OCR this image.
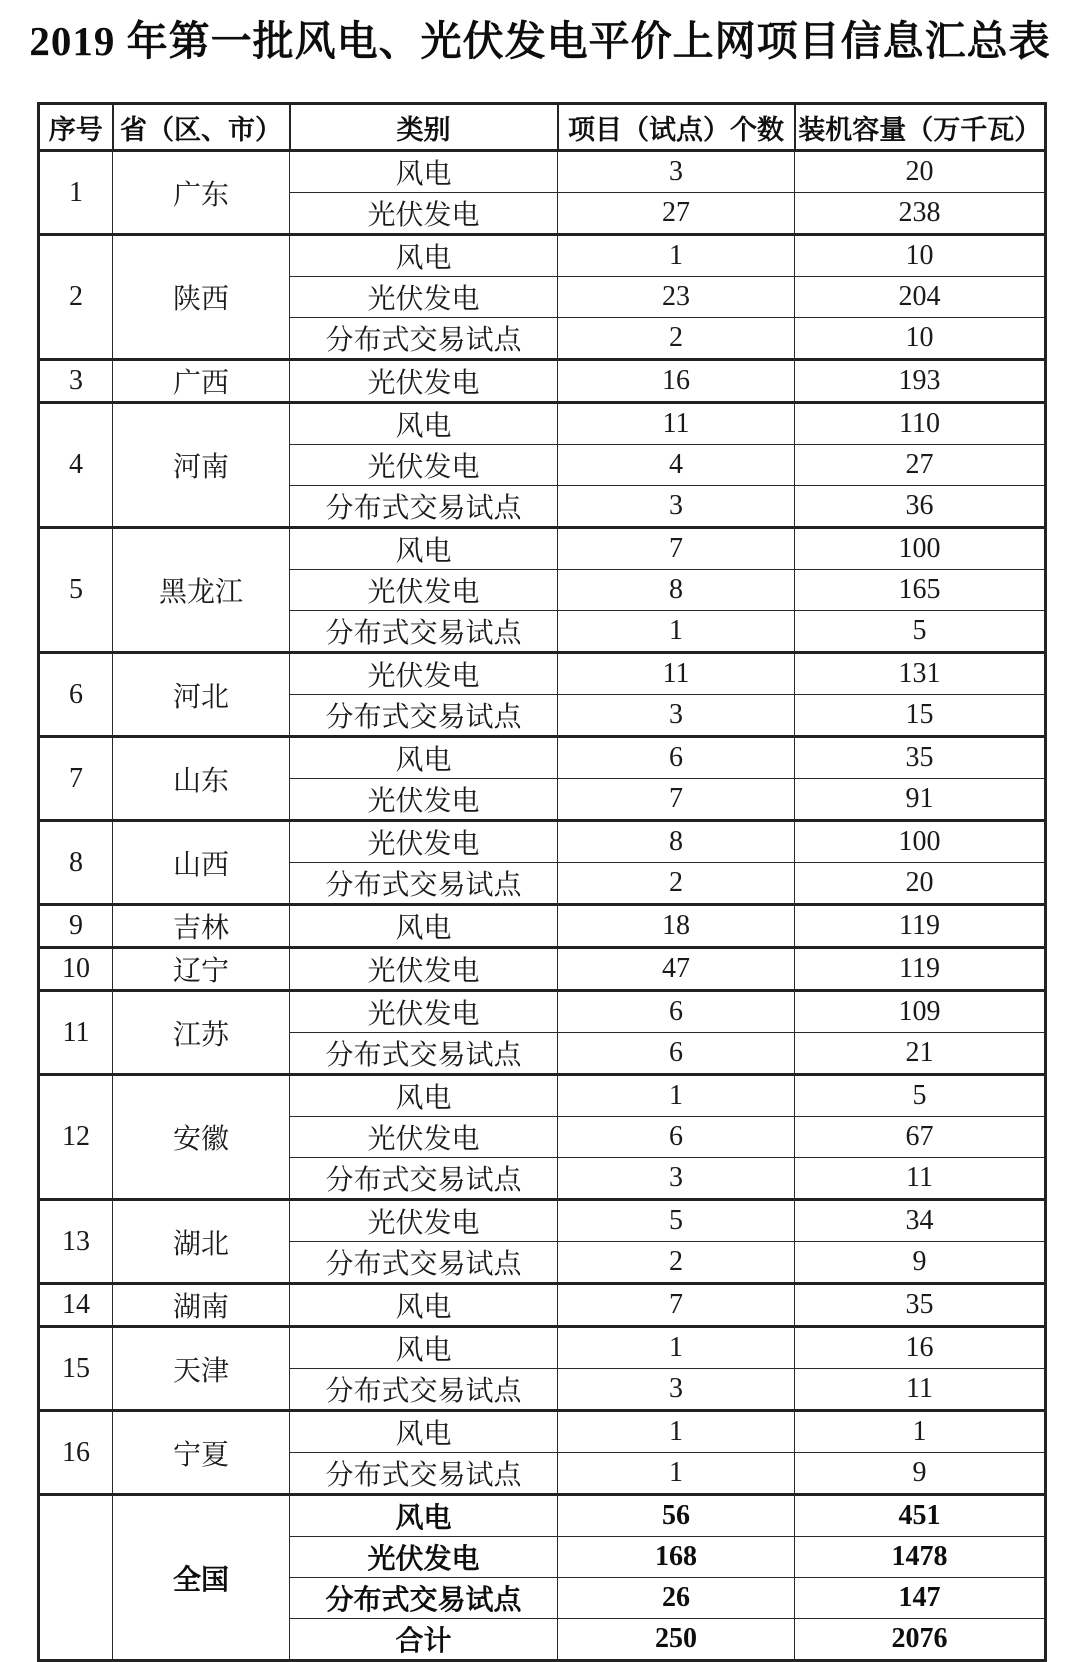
2019 年第一批风电、光伏发电平价上网项目信息汇总表
序号	省（区、市）	类别	项目（试点）个数	装机容量（万千瓦）
1	广东	风电	3	20
		光伏发电	27	238
2	陕西	风电	1	10
		光伏发电	23	204
		分布式交易试点	2	10
3	广西	光伏发电	16	193
4	河南	风电	11	110
		光伏发电	4	27
		分布式交易试点	3	36
5	黑龙江	风电	7	100
		光伏发电	8	165
		分布式交易试点	1	5
6	河北	光伏发电	11	131
		分布式交易试点	3	15
7	山东	风电	6	35
		光伏发电	7	91
8	山西	光伏发电	8	100
		分布式交易试点	2	20
9	吉林	风电	18	119
10	辽宁	光伏发电	47	119
11	江苏	光伏发电	6	109
		分布式交易试点	6	21
12	安徽	风电	1	5
		光伏发电	6	67
		分布式交易试点	3	11
13	湖北	光伏发电	5	34
		分布式交易试点	2	9
14	湖南	风电	7	35
15	天津	风电	1	16
		分布式交易试点	3	11
16	宁夏	风电	1	1
		分布式交易试点	1	9
	全国	风电	56	451
		光伏发电	168	1478
		分布式交易试点	26	147
		合计	250	2076
